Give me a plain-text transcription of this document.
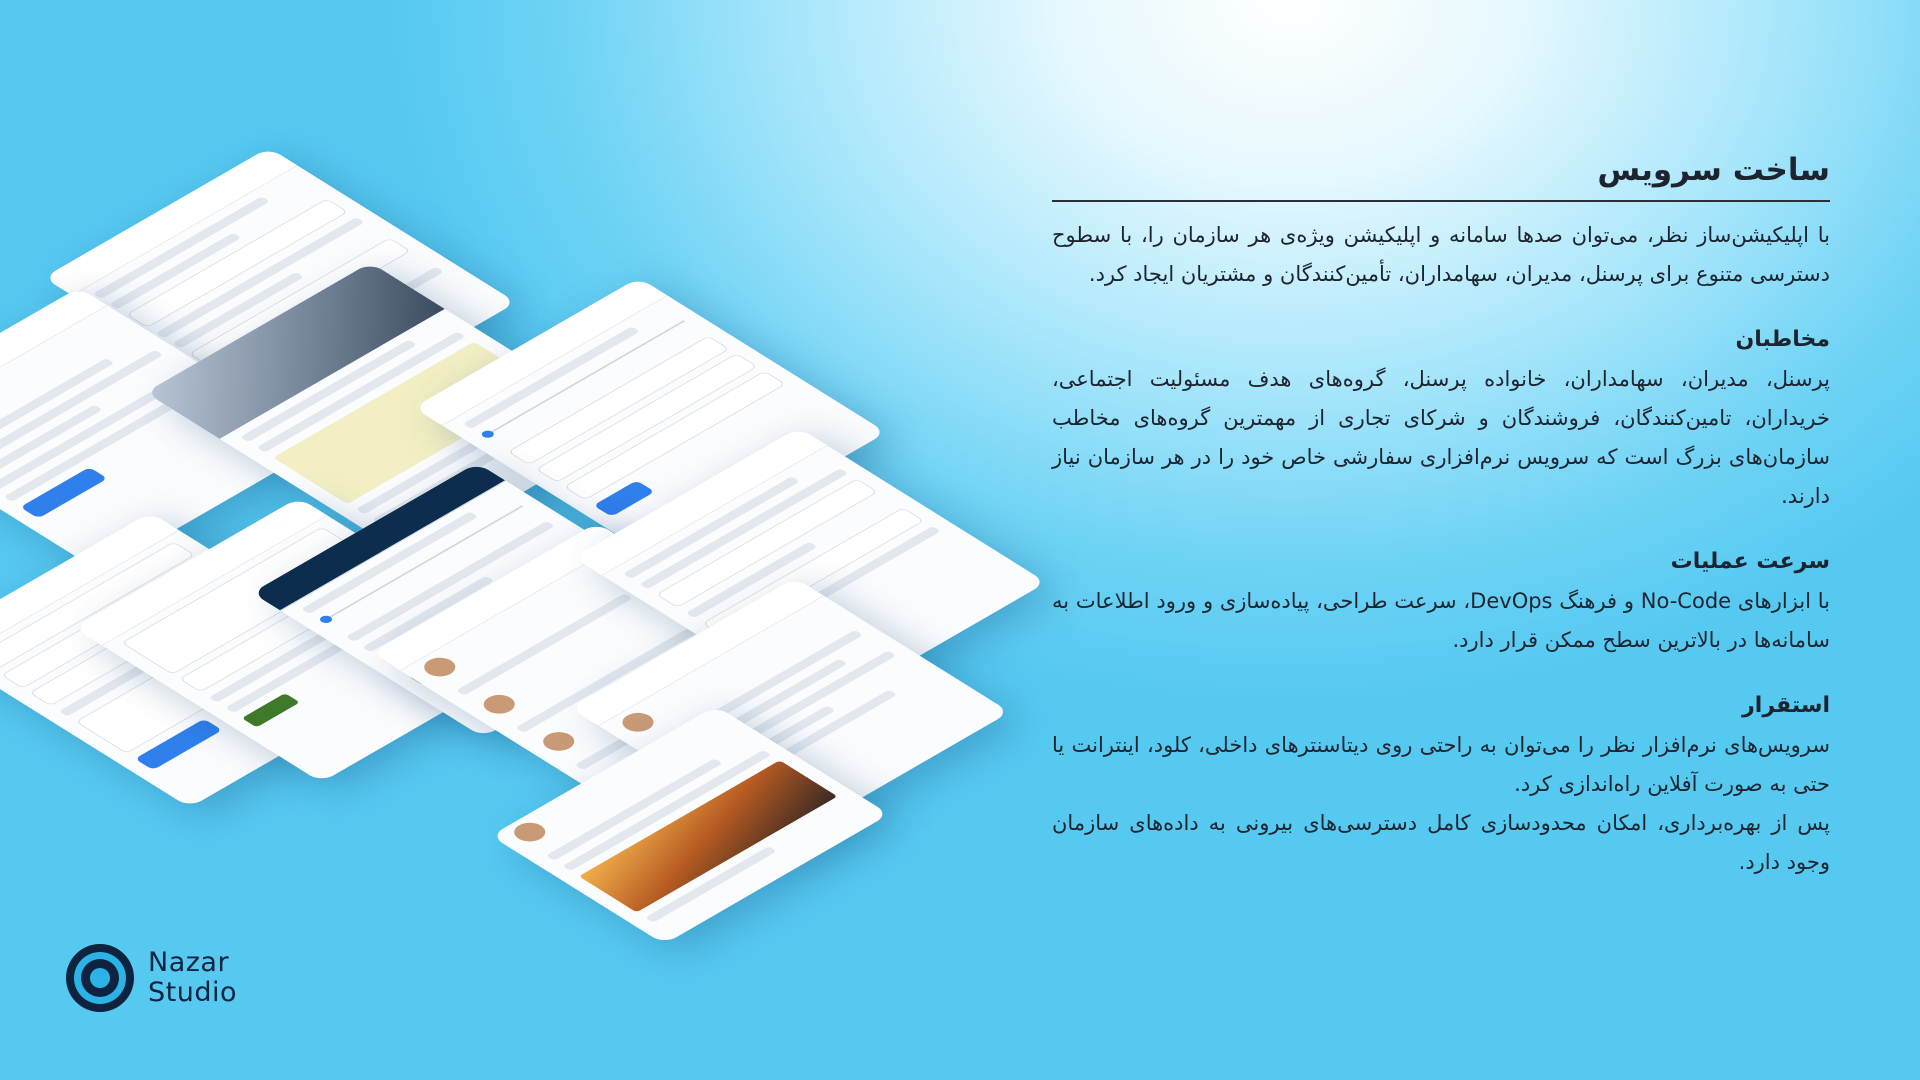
ساخت سرویس

با اپلیکیشن‌ساز نظر، می‌توان صدها سامانه و اپلیکیشن ویژه‌ی هر سازمان را، با سطوح دسترسی متنوع برای پرسنل، مدیران، سهامداران، تأمین‌کنندگان و مشتریان ایجاد کرد.

مخاطبان

پرسنل، مدیران، سهامداران، خانواده پرسنل، گروه‌های هدف مسئولیت اجتماعی، خریداران، تامین‌کنندگان، فروشندگان و شرکای تجاری از مهمترین گروه‌های مخاطب سازمان‌های بزرگ است که سرویس نرم‌افزاری سفارشی خاص خود را در هر سازمان نیاز دارند.

سرعت عملیات

با ابزارهای No-Code و فرهنگ DevOps، سرعت طراحی، پیاده‌سازی و ورود اطلاعات به سامانه‌ها در بالاترین سطح ممکن قرار دارد.

استقرار

سرویس‌های نرم‌افزار نظر را می‌توان به راحتی روی دیتاسنترهای داخلی، کلود، اینترانت یا حتی به صورت آفلاین راه‌اندازی کرد.

پس از بهره‌برداری، امکان محدودسازی کامل دسترسی‌های بیرونی به داده‌های سازمان وجود دارد.

Nazar
Studio
